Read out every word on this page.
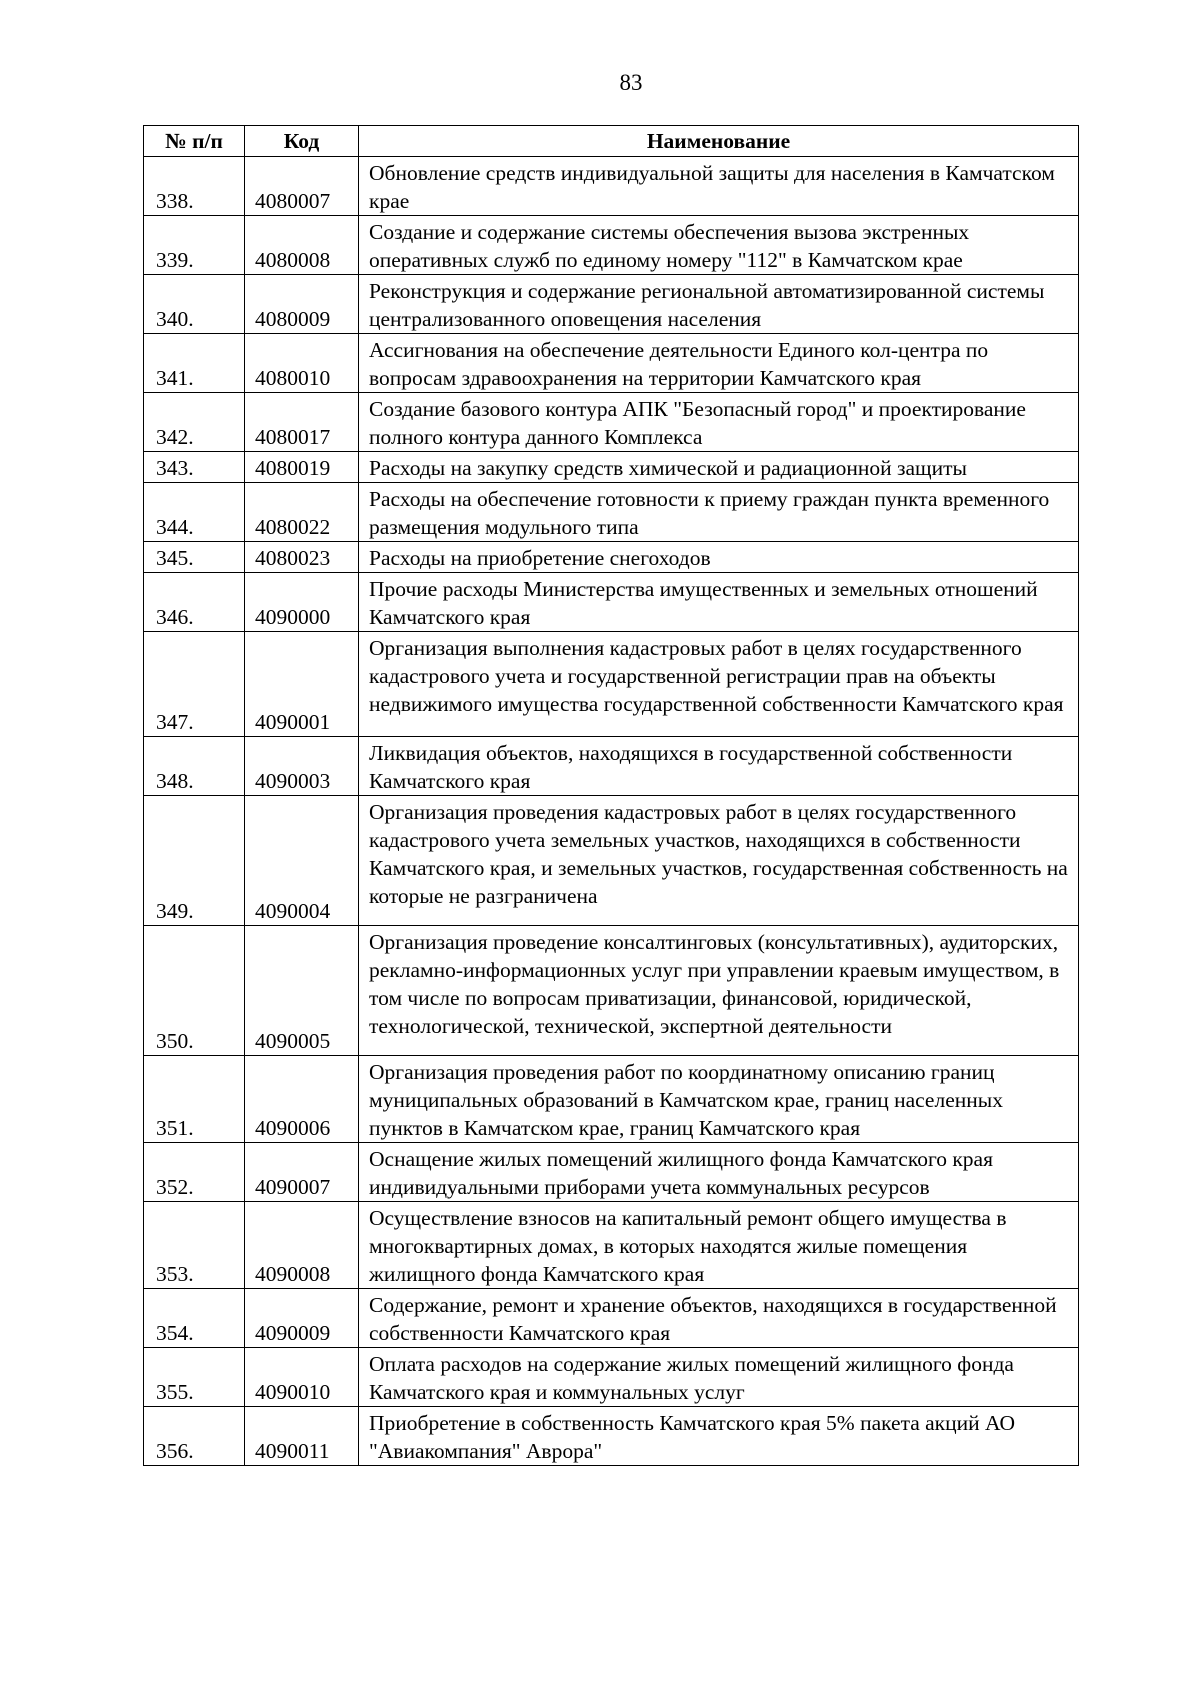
83
№ п/п	Код	Наименование
338.	4080007	Обновление средств индивидуальной защиты для населения в Камчатском крае
339.	4080008	Создание и содержание системы обеспечения вызова экстренных оперативных служб по единому номеру "112" в Камчатском крае
340.	4080009	Реконструкция и содержание региональной автоматизированной системы централизованного оповещения населения
341.	4080010	Ассигнования на обеспечение деятельности Единого кол-центра по вопросам здравоохранения на территории Камчатского края
342.	4080017	Создание базового контура АПК "Безопасный город" и проектирование полного контура данного Комплекса
343.	4080019	Расходы на закупку средств химической и радиационной защиты
344.	4080022	Расходы на обеспечение готовности к приему граждан пункта временного размещения модульного типа
345.	4080023	Расходы на приобретение снегоходов
346.	4090000	Прочие расходы Министерства имущественных и земельных отношений Камчатского края
347.	4090001	Организация выполнения кадастровых работ в целях государственного кадастрового учета и государственной регистрации прав на объекты недвижимого имущества государственной собственности Камчатского края
348.	4090003	Ликвидация объектов, находящихся в государственной собственности Камчатского края
349.	4090004	Организация проведения кадастровых работ в целях государственного кадастрового учета земельных участков, находящихся в собственности Камчатского края, и земельных участков, государственная собственность на которые не разграничена
350.	4090005	Организация проведение консалтинговых (консультативных), аудиторских, рекламно-информационных услуг при управлении краевым имуществом, в том числе по вопросам приватизации, финансовой, юридической, технологической, технической, экспертной деятельности
351.	4090006	Организация проведения работ по координатному описанию границ муниципальных образований в Камчатском крае, границ населенных пунктов в Камчатском крае, границ Камчатского края
352.	4090007	Оснащение жилых помещений жилищного фонда Камчатского края индивидуальными приборами учета коммунальных ресурсов
353.	4090008	Осуществление взносов на капитальный ремонт общего имущества в многоквартирных домах, в которых находятся жилые помещения жилищного фонда Камчатского края
354.	4090009	Содержание, ремонт и хранение объектов, находящихся в государственной собственности Камчатского края
355.	4090010	Оплата расходов на содержание жилых помещений жилищного фонда Камчатского края и коммунальных услуг
356.	4090011	Приобретение в собственность Камчатского края 5% пакета акций АО "Авиакомпания" Аврора"
